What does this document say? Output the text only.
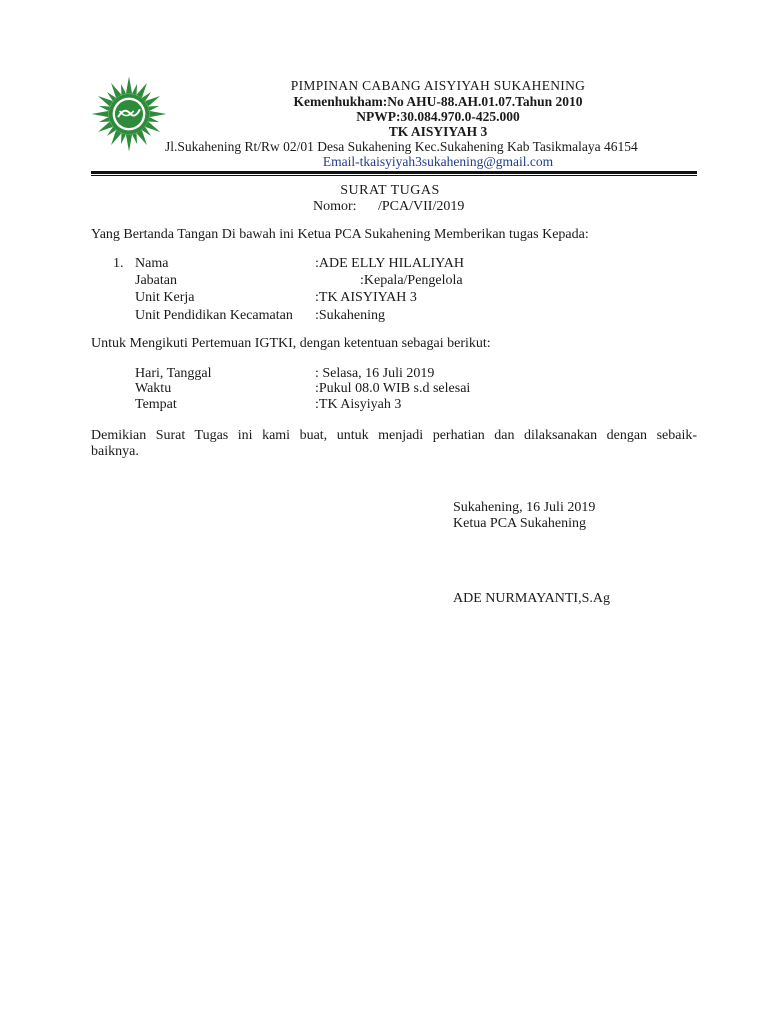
PIMPINAN CABANG AISYIYAH SUKAHENING
Kemenhukham:No AHU-88.AH.01.07.Tahun 2010
NPWP:30.084.970.0-425.000
TK AISYIYAH 3
Jl.Sukahening Rt/Rw 02/01 Desa Sukahening Kec.Sukahening Kab Tasikmalaya 46154
Email-tkaisyiyah3sukahening@gmail.com
SURAT TUGAS
Nomor: /PCA/VII/2019
Yang Bertanda Tangan Di bawah ini Ketua PCA Sukahening Memberikan tugas Kepada:
1. Nama	:ADE ELLY HILALIYAH
Jabatan	:Kepala/Pengelola
Unit Kerja	:TK AISYIYAH 3
Unit Pendidikan Kecamatan :Sukahening
Untuk Mengikuti Pertemuan IGTKI, dengan ketentuan sebagai berikut:
Hari, Tanggal	: Selasa, 16 Juli 2019
Waktu	:Pukul 08.0 WIB s.d selesai
Tempat	:TK Aisyiyah 3
Demikian Surat Tugas ini kami buat, untuk menjadi perhatian dan dilaksanakan dengan sebaik-
baiknya.
Sukahening, 16 Juli 2019
Ketua PCA Sukahening
ADE NURMAYANTI,S.Ag
